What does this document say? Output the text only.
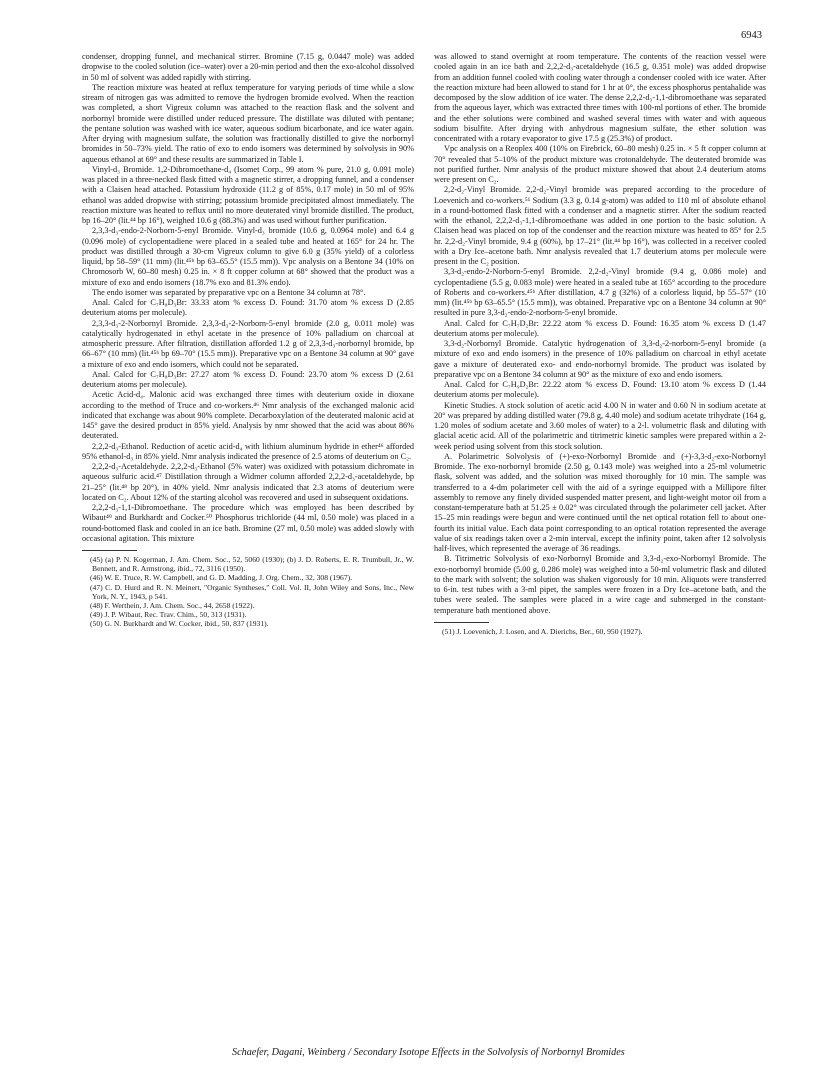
6943

condenser, dropping funnel, and mechanical stirrer. Bromine (7.15 g, 0.0447 mole) was added dropwise to the cooled solution (ice–water) over a 20-min period and then the exo-alcohol dissolved in 50 ml of solvent was added rapidly with stirring.

The reaction mixture was heated at reflux temperature for varying periods of time while a slow stream of nitrogen gas was admitted to remove the hydrogen bromide evolved. When the reaction was completed, a short Vigreux column was attached to the reaction flask and the solvent and norbornyl bromide were distilled under reduced pressure. The distillate was diluted with pentane; the pentane solution was washed with ice water, aqueous sodium bicarbonate, and ice water again. After drying with magnesium sulfate, the solution was fractionally distilled to give the norbornyl bromides in 50–73% yield. The ratio of exo to endo isomers was determined by solvolysis in 90% aqueous ethanol at 69° and these results are summarized in Table I.

Vinyl-d₃ Bromide. 1,2-Dibromoethane-d₄ (Isomet Corp., 99 atom % pure, 21.0 g, 0.091 mole) was placed in a three-necked flask fitted with a magnetic stirrer, a dropping funnel, and a condenser with a Claisen head attached. Potassium hydroxide (11.2 g of 85%, 0.17 mole) in 50 ml of 95% ethanol was added dropwise with stirring; potassium bromide precipitated almost immediately. The reaction mixture was heated to reflux until no more deuterated vinyl bromide distilled. The product, bp 16–20° (lit.⁴⁴ bp 16°), weighed 10.6 g (88.3%) and was used without further purification.

2,3,3-d₃-endo-2-Norborn-5-enyl Bromide. Vinyl-d₃ bromide (10.6 g, 0.0964 mole) and 6.4 g (0.096 mole) of cyclopentadiene were placed in a sealed tube and heated at 165° for 24 hr. The product was distilled through a 30-cm Vigreux column to give 6.0 g (35% yield) of a colorless liquid, bp 58–59° (11 mm) (lit.⁴⁵ᵇ bp 63–65.5° (15.5 mm)). Vpc analysis on a Bentone 34 (10% on Chromosorb W, 60–80 mesh) 0.25 in. × 8 ft copper column at 68° showed that the product was a mixture of exo and endo isomers (18.7% exo and 81.3% endo).

The endo isomer was separated by preparative vpc on a Bentone 34 column at 78°.

Anal. Calcd for C₇H₈D₃Br: 33.33 atom % excess D. Found: 31.70 atom % excess D (2.85 deuterium atoms per molecule).

2,3,3-d₃-2-Norbornyl Bromide. 2,3,3-d₃-2-Norborn-5-enyl bromide (2.0 g, 0.011 mole) was catalytically hydrogenated in ethyl acetate in the presence of 10% palladium on charcoal at atmospheric pressure. After filtration, distillation afforded 1.2 g of 2,3,3-d₃-norbornyl bromide, bp 66–67° (10 mm) (lit.⁴⁵ᵇ bp 69–70° (15.5 mm)). Preparative vpc on a Bentone 34 column at 90° gave a mixture of exo and endo isomers, which could not be separated.

Anal. Calcd for C₇H₈D₃Br: 27.27 atom % excess D. Found: 23.70 atom % excess D (2.61 deuterium atoms per molecule).

Acetic Acid-d₄. Malonic acid was exchanged three times with deuterium oxide in dioxane according to the method of Truce and co-workers.⁴⁶ Nmr analysis of the exchanged malonic acid indicated that exchange was about 90% complete. Decarboxylation of the deuterated malonic acid at 145° gave the desired product in 85% yield. Analysis by nmr showed that the acid was about 86% deuterated.

2,2,2-d₃-Ethanol. Reduction of acetic acid-d₄ with lithium aluminum hydride in ether⁴⁶ afforded 95% ethanol-d₃ in 85% yield. Nmr analysis indicated the presence of 2.5 atoms of deuterium on C₂.

2,2,2-d₃-Acetaldehyde. 2,2,2-d₃-Ethanol (5% water) was oxidized with potassium dichromate in aqueous sulfuric acid.⁴⁷ Distillation through a Widmer column afforded 2,2,2-d₃-acetaldehyde, bp 21–25° (lit.⁴⁸ bp 20°), in 40% yield. Nmr analysis indicated that 2.3 atoms of deuterium were located on C₂. About 12% of the starting alcohol was recovered and used in subsequent oxidations.

2,2,2-d₃-1,1-Dibromoethane. The procedure which was employed has been described by Wibaut⁴⁹ and Burkhardt and Cocker.⁵⁰ Phosphorus trichloride (44 ml, 0.50 mole) was placed in a round-bottomed flask and cooled in an ice bath. Bromine (27 ml, 0.50 mole) was added slowly with occasional agitation. This mixture

(45) (a) P. N. Kogerman, J. Am. Chem. Soc., 52, 5060 (1930); (b) J. D. Roberts, E. R. Trumbull, Jr., W. Bennett, and R. Armstrong, ibid., 72, 3116 (1950).

(46) W. E. Truce, R. W. Campbell, and G. D. Madding, J. Org. Chem., 32, 308 (1967).

(47) C. D. Hurd and R. N. Meinert, "Organic Syntheses," Coll. Vol. II, John Wiley and Sons, Inc., New York, N. Y., 1943, p 541.

(48) F. Werthein, J. Am. Chem. Soc., 44, 2658 (1922).

(49) J. P. Wibaut, Rec. Trav. Chim., 50, 313 (1931).

(50) G. N. Burkhardt and W. Cocker, ibid., 50, 837 (1931).

was allowed to stand overnight at room temperature. The contents of the reaction vessel were cooled again in an ice bath and 2,2,2-d₃-acetaldehyde (16.5 g, 0.351 mole) was added dropwise from an addition funnel cooled with cooling water through a condenser cooled with ice water. After the reaction mixture had been allowed to stand for 1 hr at 0°, the excess phosphorus pentahalide was decomposed by the slow addition of ice water. The dense 2,2,2-d₃-1,1-dibromoethane was separated from the aqueous layer, which was extracted three times with 100-ml portions of ether. The bromide and the ether solutions were combined and washed several times with water and with aqueous sodium bisulfite. After drying with anhydrous magnesium sulfate, the ether solution was concentrated with a rotary evaporator to give 17.5 g (25.3%) of product.

Vpc analysis on a Reoplex 400 (10% on Firebrick, 60–80 mesh) 0.25 in. × 5 ft copper column at 70° revealed that 5–10% of the product mixture was crotonaldehyde. The deuterated bromide was not purified further. Nmr analysis of the product mixture showed that about 2.4 deuterium atoms were present on C₂.

2,2-d₂-Vinyl Bromide. 2,2-d₂-Vinyl bromide was prepared according to the procedure of Loevenich and co-workers.⁵¹ Sodium (3.3 g, 0.14 g-atom) was added to 110 ml of absolute ethanol in a round-bottomed flask fitted with a condenser and a magnetic stirrer. After the sodium reacted with the ethanol, 2,2,2-d₃-1,1-dibromoethane was added in one portion to the basic solution. A Claisen head was placed on top of the condenser and the reaction mixture was heated to 85° for 2.5 hr. 2,2-d₂-Vinyl bromide, 9.4 g (60%), bp 17–21° (lit.⁴⁴ bp 16°), was collected in a receiver cooled with a Dry Ice–acetone bath. Nmr analysis revealed that 1.7 deuterium atoms per molecule were present in the C₂ position.

3,3-d₂-endo-2-Norborn-5-enyl Bromide. 2,2-d₂-Vinyl bromide (9.4 g, 0.086 mole) and cyclopentadiene (5.5 g, 0.083 mole) were heated in a sealed tube at 165° according to the procedure of Roberts and co-workers.⁴⁵ᵇ After distillation, 4.7 g (32%) of a colorless liquid, bp 55–57° (10 mm) (lit.⁴⁵ᵇ bp 63–65.5° (15.5 mm)), was obtained. Preparative vpc on a Bentone 34 column at 90° resulted in pure 3,3-d₂-endo-2-norborn-5-enyl bromide.

Anal. Calcd for C₇H₇D₂Br: 22.22 atom % excess D. Found: 16.35 atom % excess D (1.47 deuterium atoms per molecule).

3,3-d₂-Norbornyl Bromide. Catalytic hydrogenation of 3,3-d₂-2-norborn-5-enyl bromide (a mixture of exo and endo isomers) in the presence of 10% palladium on charcoal in ethyl acetate gave a mixture of deuterated exo- and endo-norbornyl bromide. The product was isolated by preparative vpc on a Bentone 34 column at 90° as the mixture of exo and endo isomers.

Anal. Calcd for C₇H₉D₂Br: 22.22 atom % excess D. Found: 13.10 atom % excess D (1.44 deuterium atoms per molecule).

Kinetic Studies. A stock solution of acetic acid 4.00 N in water and 0.60 N in sodium acetate at 20° was prepared by adding distilled water (79.8 g, 4.40 mole) and sodium acetate trihydrate (164 g, 1.20 moles of sodium acetate and 3.60 moles of water) to a 2-l. volumetric flask and diluting with glacial acetic acid. All of the polarimetric and titrimetric kinetic samples were prepared within a 2-week period using solvent from this stock solution.

A. Polarimetric Solvolysis of (+)-exo-Norbornyl Bromide and (+)-3,3-d₂-exo-Norbornyl Bromide. The exo-norbornyl bromide (2.50 g, 0.143 mole) was weighed into a 25-ml volumetric flask, solvent was added, and the solution was mixed thoroughly for 10 min. The sample was transferred to a 4-dm polarimeter cell with the aid of a syringe equipped with a Millipore filter assembly to remove any finely divided suspended matter present, and light-weight motor oil from a constant-temperature bath at 51.25 ± 0.02° was circulated through the polarimeter cell jacket. After 15–25 min readings were begun and were continued until the net optical rotation fell to about one-fourth its initial value. Each data point corresponding to an optical rotation represented the average value of six readings taken over a 2-min interval, except the infinity point, taken after 12 solvolysis half-lives, which represented the average of 36 readings.

B. Titrimetric Solvolysis of exo-Norbornyl Bromide and 3,3-d₂-exo-Norbornyl Bromide. The exo-norbornyl bromide (5.00 g, 0.286 mole) was weighed into a 50-ml volumetric flask and diluted to the mark with solvent; the solution was shaken vigorously for 10 min. Aliquots were transferred to 6-in. test tubes with a 3-ml pipet, the samples were frozen in a Dry Ice–acetone bath, and the tubes were sealed. The samples were placed in a wire cage and submerged in the constant-temperature bath mentioned above.

(51) J. Loevenich, J. Losen, and A. Dierichs, Ber., 60, 950 (1927).

Schaefer, Dagani, Weinberg / Secondary Isotope Effects in the Solvolysis of Norbornyl Bromides
